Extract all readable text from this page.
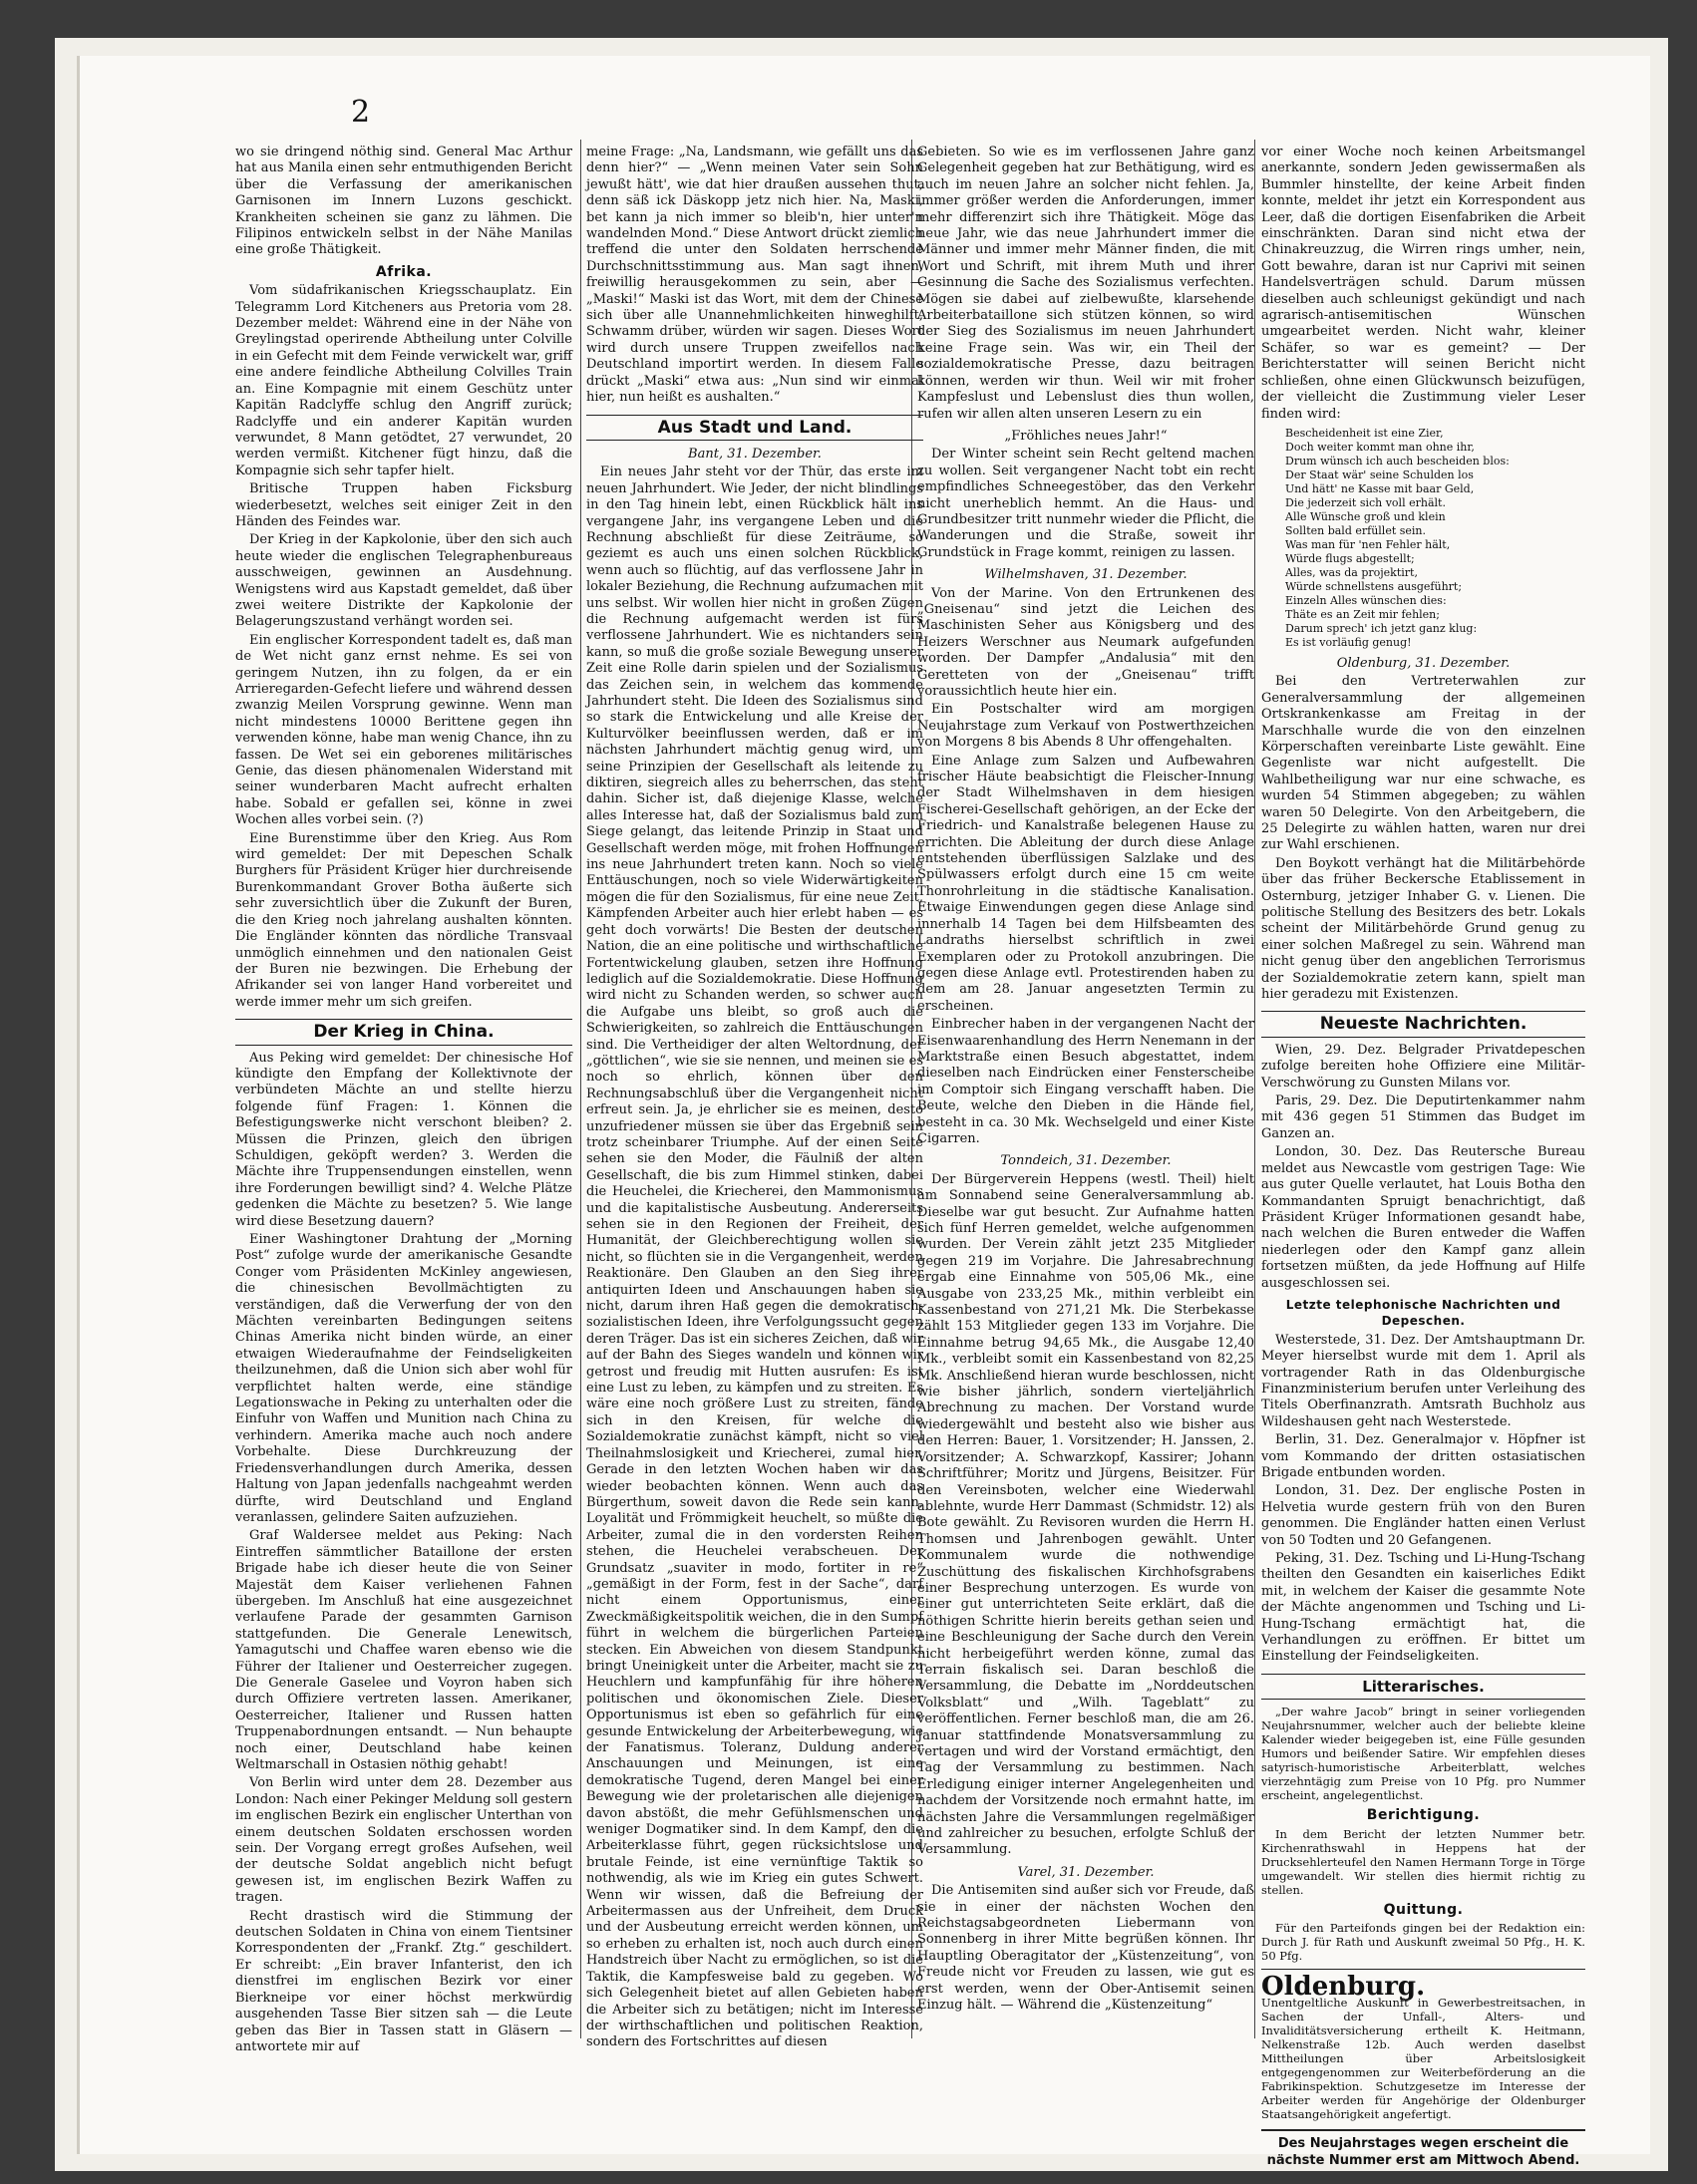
2

wo sie dringend nöthig sind. General Mac Arthur hat aus Manila einen sehr entmuthigenden Bericht über die Verfassung der amerikanischen Garnisonen im Innern Luzons geschickt. Krankheiten scheinen sie ganz zu lähmen. Die Filipinos entwickeln selbst in der Nähe Manilas eine große Thätigkeit.

Afrika.

Vom südafrikanischen Kriegsschauplatz. Ein Telegramm Lord Kitcheners aus Pretoria vom 28. Dezember meldet: Während eine in der Nähe von Greylingstad operirende Abtheilung unter Colville in ein Gefecht mit dem Feinde verwickelt war, griff eine andere feindliche Abtheilung Colvilles Train an. Eine Kompagnie mit einem Geschütz unter Kapitän Radclyffe schlug den Angriff zurück; Radclyffe und ein anderer Kapitän wurden verwundet, 8 Mann getödtet, 27 verwundet, 20 werden vermißt. Kitchener fügt hinzu, daß die Kompagnie sich sehr tapfer hielt.

Britische Truppen haben Ficksburg wiederbesetzt, welches seit einiger Zeit in den Händen des Feindes war.

Der Krieg in der Kapkolonie, über den sich auch heute wieder die englischen Telegraphenbureaus ausschweigen, gewinnen an Ausdehnung. Wenigstens wird aus Kapstadt gemeldet, daß über zwei weitere Distrikte der Kapkolonie der Belagerungszustand verhängt worden sei.

Ein englischer Korrespondent tadelt es, daß man de Wet nicht ganz ernst nehme. Es sei von geringem Nutzen, ihn zu folgen, da er ein Arrieregarden-Gefecht liefere und während dessen zwanzig Meilen Vorsprung gewinne. Wenn man nicht mindestens 10000 Berittene gegen ihn verwenden könne, habe man wenig Chance, ihn zu fassen. De Wet sei ein geborenes militärisches Genie, das diesen phänomenalen Widerstand mit seiner wunderbaren Macht aufrecht erhalten habe. Sobald er gefallen sei, könne in zwei Wochen alles vorbei sein. (?)

Eine Burenstimme über den Krieg. Aus Rom wird gemeldet: Der mit Depeschen Schalk Burghers für Präsident Krüger hier durchreisende Burenkommandant Grover Botha äußerte sich sehr zuversichtlich über die Zukunft der Buren, die den Krieg noch jahrelang aushalten könnten. Die Engländer könnten das nördliche Transvaal unmöglich einnehmen und den nationalen Geist der Buren nie bezwingen. Die Erhebung der Afrikander sei von langer Hand vorbereitet und werde immer mehr um sich greifen.

Der Krieg in China.

Aus Peking wird gemeldet: Der chinesische Hof kündigte den Empfang der Kollektivnote der verbündeten Mächte an und stellte hierzu folgende fünf Fragen: 1. Können die Befestigungswerke nicht verschont bleiben? 2. Müssen die Prinzen, gleich den übrigen Schuldigen, geköpft werden? 3. Werden die Mächte ihre Truppensendungen einstellen, wenn ihre Forderungen bewilligt sind? 4. Welche Plätze gedenken die Mächte zu besetzen? 5. Wie lange wird diese Besetzung dauern?

Einer Washingtoner Drahtung der „Morning Post“ zufolge wurde der amerikanische Gesandte Conger vom Präsidenten McKinley angewiesen, die chinesischen Bevollmächtigten zu verständigen, daß die Verwerfung der von den Mächten vereinbarten Bedingungen seitens Chinas Amerika nicht binden würde, an einer etwaigen Wiederaufnahme der Feindseligkeiten theilzunehmen, daß die Union sich aber wohl für verpflichtet halten werde, eine ständige Legationswache in Peking zu unterhalten oder die Einfuhr von Waffen und Munition nach China zu verhindern. Amerika mache auch noch andere Vorbehalte. Diese Durchkreuzung der Friedensverhandlungen durch Amerika, dessen Haltung von Japan jedenfalls nachgeahmt werden dürfte, wird Deutschland und England veranlassen, gelindere Saiten aufzuziehen.

Graf Waldersee meldet aus Peking: Nach Eintreffen sämmtlicher Bataillone der ersten Brigade habe ich dieser heute die von Seiner Majestät dem Kaiser verliehenen Fahnen übergeben. Im Anschluß hat eine ausgezeichnet verlaufene Parade der gesammten Garnison stattgefunden. Die Generale Lenewitsch, Yamagutschi und Chaffee waren ebenso wie die Führer der Italiener und Oesterreicher zugegen. Die Generale Gaselee und Voyron haben sich durch Offiziere vertreten lassen. Amerikaner, Oesterreicher, Italiener und Russen hatten Truppenabordnungen entsandt. — Nun behaupte noch einer, Deutschland habe keinen Weltmarschall in Ostasien nöthig gehabt!

Von Berlin wird unter dem 28. Dezember aus London: Nach einer Pekinger Meldung soll gestern im englischen Bezirk ein englischer Unterthan von einem deutschen Soldaten erschossen worden sein. Der Vorgang erregt großes Aufsehen, weil der deutsche Soldat angeblich nicht befugt gewesen ist, im englischen Bezirk Waffen zu tragen.

Recht drastisch wird die Stimmung der deutschen Soldaten in China von einem Tientsiner Korrespondenten der „Frankf. Ztg.“ geschildert. Er schreibt: „Ein braver Infanterist, den ich dienstfrei im englischen Bezirk vor einer Bierkneipe vor einer höchst merkwürdig ausgehenden Tasse Bier sitzen sah — die Leute geben das Bier in Tassen statt in Gläsern — antwortete mir auf

meine Frage: „Na, Landsmann, wie gefällt uns das denn hier?“ — „Wenn meinen Vater sein Sohn jewußt hätt', wie dat hier draußen aussehen thut, denn säß ick Däskopp jetz nich hier. Na, Maski, bet kann ja nich immer so bleib'n, hier unter'n wandelnden Mond.“ Diese Antwort drückt ziemlich treffend die unter den Soldaten herrschende Durchschnittsstimmung aus. Man sagt ihnen, freiwillig herausgekommen zu sein, aber — „Maski!“ Maski ist das Wort, mit dem der Chinese sich über alle Unannehmlichkeiten hinweghilft, Schwamm drüber, würden wir sagen. Dieses Wort wird durch unsere Truppen zweifellos nach Deutschland importirt werden. In diesem Falle drückt „Maski“ etwa aus: „Nun sind wir einmal hier, nun heißt es aushalten.“

Aus Stadt und Land.
Bant, 31. Dezember.

Ein neues Jahr steht vor der Thür, das erste im neuen Jahrhundert. Wie Jeder, der nicht blindlings in den Tag hinein lebt, einen Rückblick hält ins vergangene Jahr, ins vergangene Leben und die Rechnung abschließt für diese Zeiträume, so geziemt es auch uns einen solchen Rückblick, wenn auch so flüchtig, auf das verflossene Jahr in lokaler Beziehung, die Rechnung aufzumachen mit uns selbst. Wir wollen hier nicht in großen Zügen die Rechnung aufgemacht werden ist fürs verflossene Jahrhundert. Wie es nichtanders sein kann, so muß die große soziale Bewegung unserer Zeit eine Rolle darin spielen und der Sozialismus das Zeichen sein, in welchem das kommende Jahrhundert steht. Die Ideen des Sozialismus sind so stark die Entwickelung und alle Kreise der Kulturvölker beeinflussen werden, daß er im nächsten Jahrhundert mächtig genug wird, um seine Prinzipien der Gesellschaft als leitende zu diktiren, siegreich alles zu beherrschen, das steht dahin. Sicher ist, daß diejenige Klasse, welche alles Interesse hat, daß der Sozialismus bald zum Siege gelangt, das leitende Prinzip in Staat und Gesellschaft werden möge, mit frohen Hoffnungen ins neue Jahrhundert treten kann. Noch so viele Enttäuschungen, noch so viele Widerwärtigkeiten mögen die für den Sozialismus, für eine neue Zeit, Kämpfenden Arbeiter auch hier erlebt haben — es geht doch vorwärts! Die Besten der deutschen Nation, die an eine politische und wirthschaftliche Fortentwickelung glauben, setzen ihre Hoffnung lediglich auf die Sozialdemokratie. Diese Hoffnung wird nicht zu Schanden werden, so schwer auch die Aufgabe uns bleibt, so groß auch die Schwierigkeiten, so zahlreich die Enttäuschungen sind. Die Vertheidiger der alten Weltordnung, der „göttlichen“, wie sie sie nennen, und meinen sie es noch so ehrlich, können über den Rechnungsabschluß über die Vergangenheit nicht erfreut sein. Ja, je ehrlicher sie es meinen, desto unzufriedener müssen sie über das Ergebniß sein trotz scheinbarer Triumphe. Auf der einen Seite sehen sie den Moder, die Fäulniß der alten Gesellschaft, die bis zum Himmel stinken, dabei die Heuchelei, die Kriecherei, den Mammonismus und die kapitalistische Ausbeutung. Andererseits sehen sie in den Regionen der Freiheit, der Humanität, der Gleichberechtigung wollen sie nicht, so flüchten sie in die Vergangenheit, werden Reaktionäre. Den Glauben an den Sieg ihrer antiquirten Ideen und Anschauungen haben sie nicht, darum ihren Haß gegen die demokratisch-sozialistischen Ideen, ihre Verfolgungssucht gegen deren Träger. Das ist ein sicheres Zeichen, daß wir auf der Bahn des Sieges wandeln und können wir getrost und freudig mit Hutten ausrufen: Es ist eine Lust zu leben, zu kämpfen und zu streiten. Es wäre eine noch größere Lust zu streiten, fände sich in den Kreisen, für welche die Sozialdemokratie zunächst kämpft, nicht so viel Theilnahmslosigkeit und Kriecherei, zumal hier. Gerade in den letzten Wochen haben wir das wieder beobachten können. Wenn auch das Bürgerthum, soweit davon die Rede sein kann, Loyalität und Frömmigkeit heuchelt, so müßte die Arbeiter, zumal die in den vordersten Reihen stehen, die Heuchelei verabscheuen. Der Grundsatz „suaviter in modo, fortiter in re“ „gemäßigt in der Form, fest in der Sache“, darf nicht einem Opportunismus, einer Zweckmäßigkeitspolitik weichen, die in den Sumpf führt in welchem die bürgerlichen Parteien stecken. Ein Abweichen von diesem Standpunkt bringt Uneinigkeit unter die Arbeiter, macht sie zu Heuchlern und kampfunfähig für ihre höheren politischen und ökonomischen Ziele. Dieser Opportunismus ist eben so gefährlich für eine gesunde Entwickelung der Arbeiterbewegung, wie der Fanatismus. Toleranz, Duldung anderer Anschauungen und Meinungen, ist eine demokratische Tugend, deren Mangel bei einer Bewegung wie der proletarischen alle diejenigen davon abstößt, die mehr Gefühlsmenschen und weniger Dogmatiker sind. In dem Kampf, den die Arbeiterklasse führt, gegen rücksichtslose und brutale Feinde, ist eine vernünftige Taktik so nothwendig, als wie im Krieg ein gutes Schwert. Wenn wir wissen, daß die Befreiung der Arbeitermassen aus der Unfreiheit, dem Druck und der Ausbeutung erreicht werden können, um so erheben zu erhalten ist, noch auch durch einen Handstreich über Nacht zu ermöglichen, so ist die Taktik, die Kampfesweise bald zu gegeben. Wo sich Gelegenheit bietet auf allen Gebieten haben die Arbeiter sich zu betätigen; nicht im Interesse der wirthschaftlichen und politischen Reaktion, sondern des Fortschrittes auf diesen

Gebieten. So wie es im verflossenen Jahre ganz Gelegenheit gegeben hat zur Bethätigung, wird es auch im neuen Jahre an solcher nicht fehlen. Ja, immer größer werden die Anforderungen, immer mehr differenzirt sich ihre Thätigkeit. Möge das neue Jahr, wie das neue Jahrhundert immer die Männer und immer mehr Männer finden, die mit Wort und Schrift, mit ihrem Muth und ihrer Gesinnung die Sache des Sozialismus verfechten. Mögen sie dabei auf zielbewußte, klarsehende Arbeiterbataillone sich stützen können, so wird der Sieg des Sozialismus im neuen Jahrhundert keine Frage sein. Was wir, ein Theil der sozialdemokratische Presse, dazu beitragen können, werden wir thun. Weil wir mit froher Kampfeslust und Lebenslust dies thun wollen, rufen wir allen alten unseren Lesern zu ein

„Fröhliches neues Jahr!“

Der Winter scheint sein Recht geltend machen zu wollen. Seit vergangener Nacht tobt ein recht empfindliches Schneegestöber, das den Verkehr nicht unerheblich hemmt. An die Haus- und Grundbesitzer tritt nunmehr wieder die Pflicht, die Wanderungen und die Straße, soweit ihr Grundstück in Frage kommt, reinigen zu lassen.

Wilhelmshaven, 31. Dezember.

Von der Marine. Von den Ertrunkenen des „Gneisenau“ sind jetzt die Leichen des Maschinisten Seher aus Königsberg und des Heizers Werschner aus Neumark aufgefunden worden. Der Dampfer „Andalusia“ mit den Geretteten von der „Gneisenau“ trifft voraussichtlich heute hier ein.

Ein Postschalter wird am morgigen Neujahrstage zum Verkauf von Postwerthzeichen von Morgens 8 bis Abends 8 Uhr offengehalten.

Eine Anlage zum Salzen und Aufbewahren frischer Häute beabsichtigt die Fleischer-Innung der Stadt Wilhelmshaven in dem hiesigen Fischerei-Gesellschaft gehörigen, an der Ecke der Friedrich- und Kanalstraße belegenen Hause zu errichten. Die Ableitung der durch diese Anlage entstehenden überflüssigen Salzlake und des Spülwassers erfolgt durch eine 15 cm weite Thonrohrleitung in die städtische Kanalisation. Etwaige Einwendungen gegen diese Anlage sind innerhalb 14 Tagen bei dem Hilfsbeamten des Landraths hierselbst schriftlich in zwei Exemplaren oder zu Protokoll anzubringen. Die gegen diese Anlage evtl. Protestirenden haben zu dem am 28. Januar angesetzten Termin zu erscheinen.

Einbrecher haben in der vergangenen Nacht der Eisenwaarenhandlung des Herrn Nenemann in der Marktstraße einen Besuch abgestattet, indem dieselben nach Eindrücken einer Fensterscheibe im Comptoir sich Eingang verschafft haben. Die Beute, welche den Dieben in die Hände fiel, besteht in ca. 30 Mk. Wechselgeld und einer Kiste Cigarren.

Tonndeich, 31. Dezember.

Der Bürgerverein Heppens (westl. Theil) hielt am Sonnabend seine Generalversammlung ab. Dieselbe war gut besucht. Zur Aufnahme hatten sich fünf Herren gemeldet, welche aufgenommen wurden. Der Verein zählt jetzt 235 Mitglieder gegen 219 im Vorjahre. Die Jahresabrechnung ergab eine Einnahme von 505,06 Mk., eine Ausgabe von 233,25 Mk., mithin verbleibt ein Kassenbestand von 271,21 Mk. Die Sterbekasse zählt 153 Mitglieder gegen 133 im Vorjahre. Die Einnahme betrug 94,65 Mk., die Ausgabe 12,40 Mk., verbleibt somit ein Kassenbestand von 82,25 Mk. Anschließend hieran wurde beschlossen, nicht wie bisher jährlich, sondern vierteljährlich Abrechnung zu machen. Der Vorstand wurde wiedergewählt und besteht also wie bisher aus den Herren: Bauer, 1. Vorsitzender; H. Janssen, 2. Vorsitzender; A. Schwarzkopf, Kassirer; Johann Schriftführer; Moritz und Jürgens, Beisitzer. Für den Vereinsboten, welcher eine Wiederwahl ablehnte, wurde Herr Dammast (Schmidstr. 12) als Bote gewählt. Zu Revisoren wurden die Herrn H. Thomsen und Jahrenbogen gewählt. Unter Kommunalem wurde die nothwendige Zuschüttung des fiskalischen Kirchhofsgrabens einer Besprechung unterzogen. Es wurde von einer gut unterrichteten Seite erklärt, daß die nöthigen Schritte hierin bereits gethan seien und eine Beschleunigung der Sache durch den Verein nicht herbeigeführt werden könne, zumal das Terrain fiskalisch sei. Daran beschloß die Versammlung, die Debatte im „Norddeutschen Volksblatt“ und „Wilh. Tageblatt“ zu veröffentlichen. Ferner beschloß man, die am 26. Januar stattfindende Monatsversammlung zu vertagen und wird der Vorstand ermächtigt, den Tag der Versammlung zu bestimmen. Nach Erledigung einiger interner Angelegenheiten und nachdem der Vorsitzende noch ermahnt hatte, im nächsten Jahre die Versammlungen regelmäßiger und zahlreicher zu besuchen, erfolgte Schluß der Versammlung.

Varel, 31. Dezember.

Die Antisemiten sind außer sich vor Freude, daß sie in einer der nächsten Wochen den Reichstagsabgeordneten Liebermann von Sonnenberg in ihrer Mitte begrüßen können. Ihr Hauptling Oberagitator der „Küstenzeitung“, von Freude nicht vor Freuden zu lassen, wie gut es erst werden, wenn der Ober-Antisemit seinen Einzug hält. — Während die „Küstenzeitung“

vor einer Woche noch keinen Arbeitsmangel anerkannte, sondern Jeden gewissermaßen als Bummler hinstellte, der keine Arbeit finden konnte, meldet ihr jetzt ein Korrespondent aus Leer, daß die dortigen Eisenfabriken die Arbeit einschränkten. Daran sind nicht etwa der Chinakreuzzug, die Wirren rings umher, nein, Gott bewahre, daran ist nur Caprivi mit seinen Handelsverträgen schuld. Darum müssen dieselben auch schleunigst gekündigt und nach agrarisch-antisemitischen Wünschen umgearbeitet werden. Nicht wahr, kleiner Schäfer, so war es gemeint? — Der Berichterstatter will seinen Bericht nicht schließen, ohne einen Glückwunsch beizufügen, der vielleicht die Zustimmung vieler Leser finden wird:

Bescheidenheit ist eine Zier,
Doch weiter kommt man ohne ihr,
Drum wünsch ich auch bescheiden blos:
Der Staat wär' seine Schulden los
Und hätt' ne Kasse mit baar Geld,
Die jederzeit sich voll erhält.
Alle Wünsche groß und klein
Sollten bald erfüllet sein.
Was man für 'nen Fehler hält,
Würde flugs abgestellt;
Alles, was da projektirt,
Würde schnellstens ausgeführt;
Einzeln Alles wünschen dies:
Thäte es an Zeit mir fehlen;
Darum sprech' ich jetzt ganz klug:
Es ist vorläufig genug!
Oldenburg, 31. Dezember.

Bei den Vertreterwahlen zur Generalversammlung der allgemeinen Ortskrankenkasse am Freitag in der Marschhalle wurde die von den einzelnen Körperschaften vereinbarte Liste gewählt. Eine Gegenliste war nicht aufgestellt. Die Wahlbetheiligung war nur eine schwache, es wurden 54 Stimmen abgegeben; zu wählen waren 50 Delegirte. Von den Arbeitgebern, die 25 Delegirte zu wählen hatten, waren nur drei zur Wahl erschienen.

Den Boykott verhängt hat die Militärbehörde über das früher Beckersche Etablissement in Osternburg, jetziger Inhaber G. v. Lienen. Die politische Stellung des Besitzers des betr. Lokals scheint der Militärbehörde Grund genug zu einer solchen Maßregel zu sein. Während man nicht genug über den angeblichen Terrorismus der Sozialdemokratie zetern kann, spielt man hier geradezu mit Existenzen.

Neueste Nachrichten.

Wien, 29. Dez. Belgrader Privatdepeschen zufolge bereiten hohe Offiziere eine Militär-Verschwörung zu Gunsten Milans vor.

Paris, 29. Dez. Die Deputirtenkammer nahm mit 436 gegen 51 Stimmen das Budget im Ganzen an.

London, 30. Dez. Das Reutersche Bureau meldet aus Newcastle vom gestrigen Tage: Wie aus guter Quelle verlautet, hat Louis Botha den Kommandanten Spruigt benachrichtigt, daß Präsident Krüger Informationen gesandt habe, nach welchen die Buren entweder die Waffen niederlegen oder den Kampf ganz allein fortsetzen müßten, da jede Hoffnung auf Hilfe ausgeschlossen sei.

Letzte telephonische Nachrichten und Depeschen.

Westerstede, 31. Dez. Der Amtshauptmann Dr. Meyer hierselbst wurde mit dem 1. April als vortragender Rath in das Oldenburgische Finanzministerium berufen unter Verleihung des Titels Oberfinanzrath. Amtsrath Buchholz aus Wildeshausen geht nach Westerstede.

Berlin, 31. Dez. Generalmajor v. Höpfner ist vom Kommando der dritten ostasiatischen Brigade entbunden worden.

London, 31. Dez. Der englische Posten in Helvetia wurde gestern früh von den Buren genommen. Die Engländer hatten einen Verlust von 50 Todten und 20 Gefangenen.

Peking, 31. Dez. Tsching und Li-Hung-Tschang theilten den Gesandten ein kaiserliches Edikt mit, in welchem der Kaiser die gesammte Note der Mächte angenommen und Tsching und Li-Hung-Tschang ermächtigt hat, die Verhandlungen zu eröffnen. Er bittet um Einstellung der Feindseligkeiten.

Litterarisches.

„Der wahre Jacob“ bringt in seiner vorliegenden Neujahrsnummer, welcher auch der beliebte kleine Kalender wieder beigegeben ist, eine Fülle gesunden Humors und beißender Satire. Wir empfehlen dieses satyrisch-humoristische Arbeiterblatt, welches vierzehntägig zum Preise von 10 Pfg. pro Nummer erscheint, angelegentlichst.

Berichtigung.

In dem Bericht der letzten Nummer betr. Kirchenrathswahl in Heppens hat der Drucksehlerteufel den Namen Hermann Torge in Törge umgewandelt. Wir stellen dies hiermit richtig zu stellen.

Quittung.

Für den Parteifonds gingen bei der Redaktion ein: Durch J. für Rath und Auskunft zweimal 50 Pfg., H. K. 50 Pfg.

Oldenburg.
Unentgeltliche Auskunft in Gewerbestreitsachen, in Sachen der Unfall-, Alters- und Invaliditätsversicherung ertheilt K. Heitmann, Nelkenstraße 12b. Auch werden daselbst Mittheilungen über Arbeitslosigkeit entgegengenommen zur Weiterbeförderung an die Fabrikinspektion. Schutzgesetze im Interesse der Arbeiter werden für Angehörige der Oldenburger Staatsangehörigkeit angefertigt.
Des Neujahrstages wegen erscheint die nächste Nummer erst am Mittwoch Abend.
